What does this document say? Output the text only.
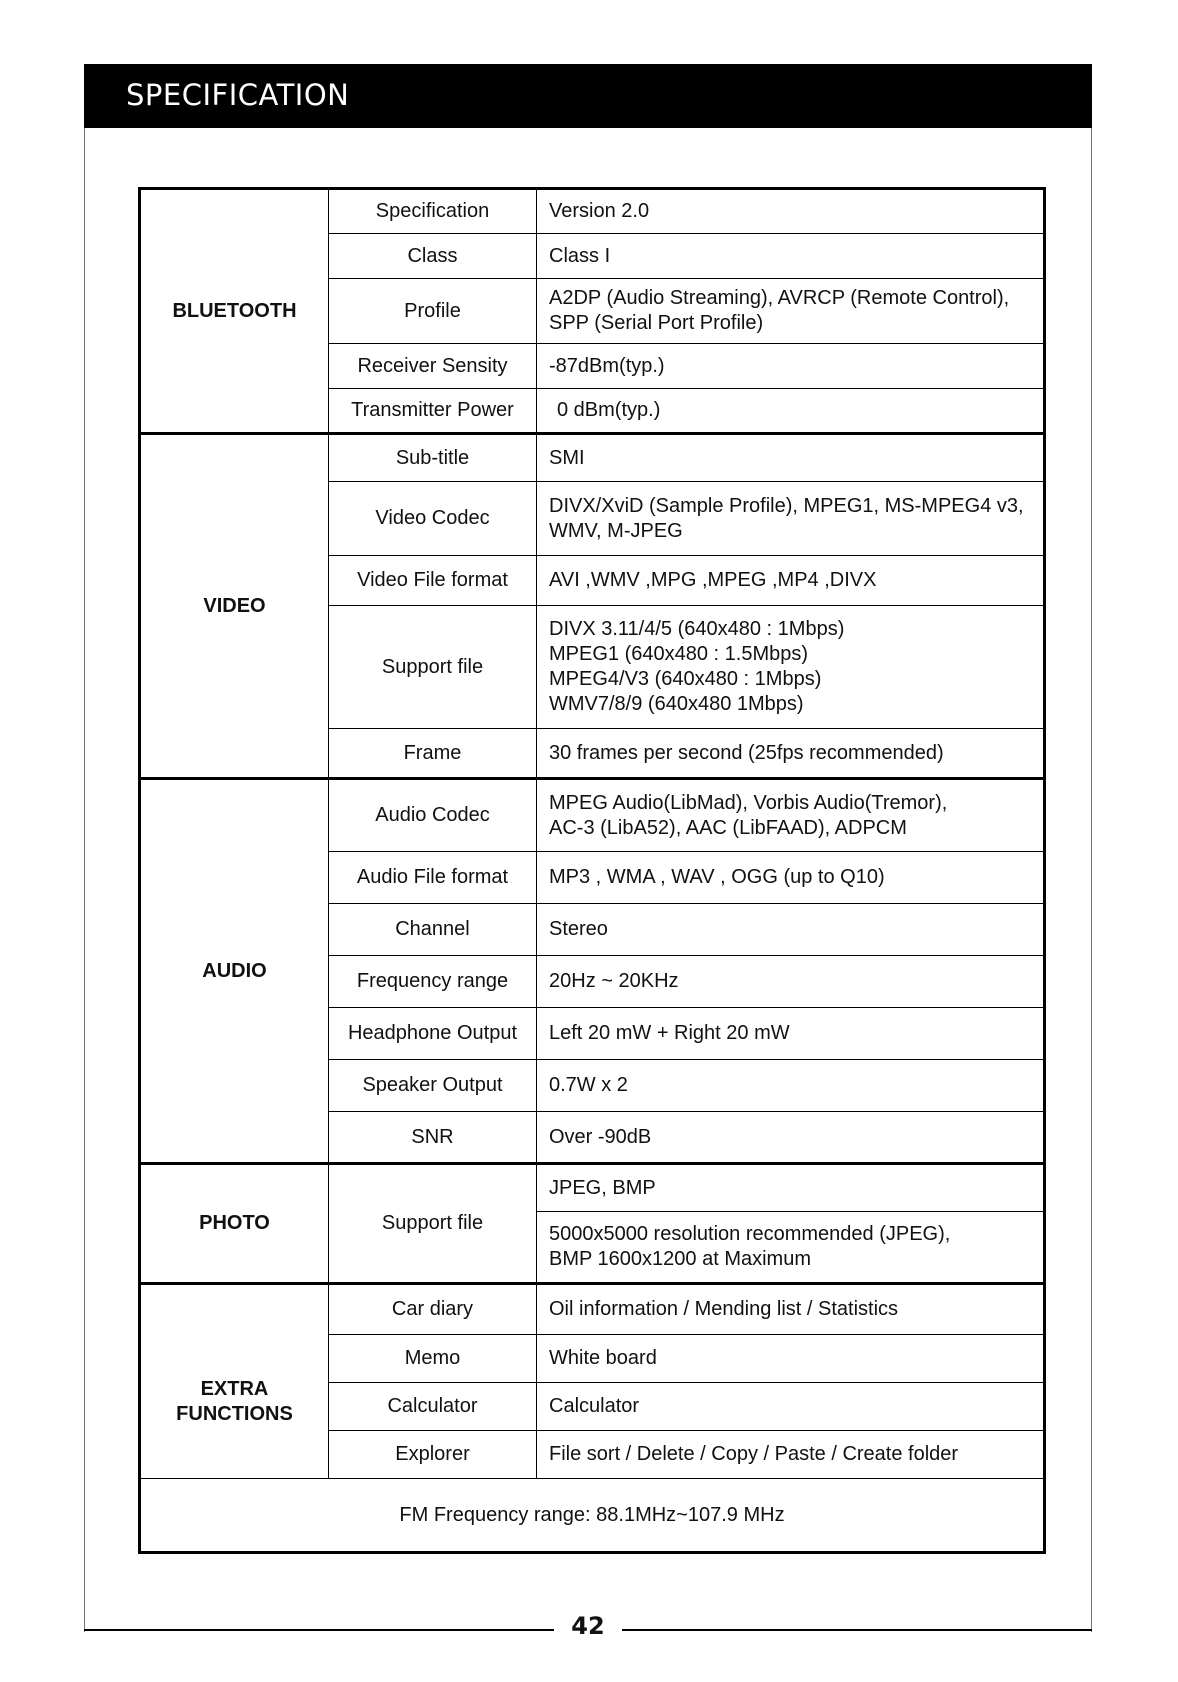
SPECIFICATION
BLUETOOTH	Specification	Version 2.0
	Class	Class I
	Profile	A2DP (Audio Streaming), AVRCP (Remote Control),
SPP (Serial Port Profile)

	Receiver Sensity	-87dBm(typ.)
	Transmitter Power	0 dBm(typ.)
VIDEO	Sub-title	SMI
	Video Codec	DIVX/XviD (Sample Profile), MPEG1, MS-MPEG4 v3,
WMV, M-JPEG

	Video File format	AVI ,WMV ,MPG ,MPEG ,MP4 ,DIVX
	Support file	DIVX 3.11/4/5 (640x480 : 1Mbps)
MPEG1 (640x480 : 1.5Mbps)
MPEG4/V3 (640x480 : 1Mbps)
WMV7/8/9 (640x480 1Mbps)

	Frame	30 frames per second (25fps recommended)
AUDIO	Audio Codec	MPEG Audio(LibMad), Vorbis Audio(Tremor),
AC-3 (LibA52), AAC (LibFAAD), ADPCM

	Audio File format	MP3 , WMA , WAV , OGG (up to Q10)
	Channel	Stereo
	Frequency range	20Hz ~ 20KHz
	Headphone Output	Left 20 mW + Right 20 mW
	Speaker Output	0.7W x 2
	SNR	Over -90dB
PHOTO	Support file	JPEG, BMP

		5000x5000 resolution recommended (JPEG),
BMP 1600x1200 at Maximum

EXTRA
FUNCTIONS	Car diary	Oil information / Mending list / Statistics
	Memo	White board
	Calculator	Calculator
	Explorer	File sort / Delete / Copy / Paste / Create folder
FM Frequency range: 88.1MHz~107.9 MHz		
42
